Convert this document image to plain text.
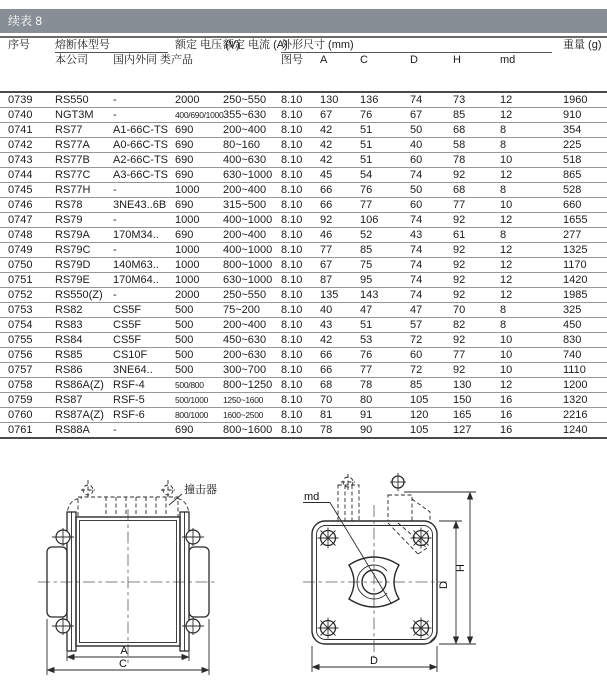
续表 8
序号	熔断体型号		额定 电压 (V)	额定 电流 (A)	外形尺寸 (mm)						重量 (g)
	本公司	国内外同 类产品			图号	A	C	D	H	md	
0739	RS550	-	2000	250~550	8.10	130	136	74	73	12	1960
0740	NGT3M	-	400/690/1000	355~630	8.10	67	76	67	85	12	910
0741	RS77	A1-66C-TS	690	200~400	8.10	42	51	50	68	8	354
0742	RS77A	A0-66C-TS	690	80~160	8.10	42	51	40	58	8	225
0743	RS77B	A2-66C-TS	690	400~630	8.10	42	51	60	78	10	518
0744	RS77C	A3-66C-TS	690	630~1000	8.10	45	54	74	92	12	865
0745	RS77H	-	1000	200~400	8.10	66	76	50	68	8	528
0746	RS78	3NE43..6B	690	315~500	8.10	66	77	60	77	10	660
0747	RS79	-	1000	400~1000	8.10	92	106	74	92	12	1655
0748	RS79A	170M34..	690	200~400	8.10	46	52	43	61	8	277
0749	RS79C	-	1000	400~1000	8.10	77	85	74	92	12	1325
0750	RS79D	140M63..	1000	800~1000	8.10	67	75	74	92	12	1170
0751	RS79E	170M64..	1000	630~1000	8.10	87	95	74	92	12	1420
0752	RS550(Z)	-	2000	250~550	8.10	135	143	74	92	12	1985
0753	RS82	CS5F	500	75~200	8.10	40	47	47	70	8	325
0754	RS83	CS5F	500	200~400	8.10	43	51	57	82	8	450
0755	RS84	CS5F	500	450~630	8.10	42	53	72	92	10	830
0756	RS85	CS10F	500	200~630	8.10	66	76	60	77	10	740
0757	RS86	3NE64..	500	300~700	8.10	66	77	72	92	10	1110
0758	RS86A(Z)	RSF-4	500/800	800~1250	8.10	68	78	85	130	12	1200
0759	RS87	RSF-5	500/1000	1250~1600	8.10	70	80	105	150	16	1320
0760	RS87A(Z)	RSF-6	800/1000	1600~2500	8.10	81	91	120	165	16	2216
0761	RS88A	-	690	800~1600	8.10	78	90	105	127	16	1240
撞击器
A
C
md
D
H
D
